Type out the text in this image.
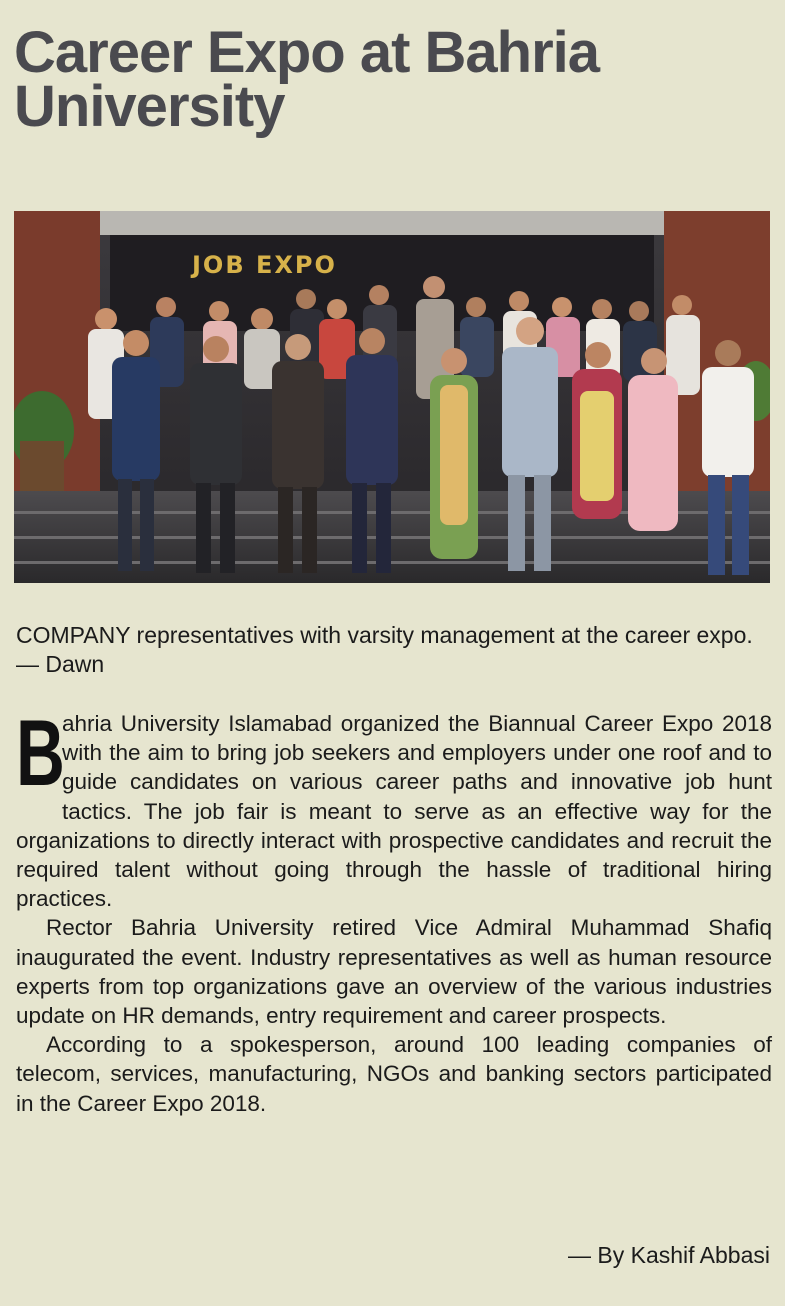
Career Expo at Bahria University
JOB EXPO

COMPANY representatives with varsity management at the career expo. — Dawn

B
ahria University Islamabad organized the Biannual Career Expo 2018 with the aim to bring job seekers and employers under one roof and to guide candidates on various career paths and innovative job hunt tactics. The job fair is meant to serve as an effective way for the organizations to directly interact with prospective candidates and recruit the required talent without going through the hassle of traditional hiring practices.

Rector Bahria University retired Vice Admiral Muhammad Shafiq inaugurated the event. Industry representatives as well as human resource experts from top organizations gave an overview of the various industries update on HR demands, entry requirement and career prospects.

According to a spokesperson, around 100 leading companies of telecom, services, manufacturing, NGOs and banking sectors participated in the Career Expo 2018.

— By Kashif Abbasi
